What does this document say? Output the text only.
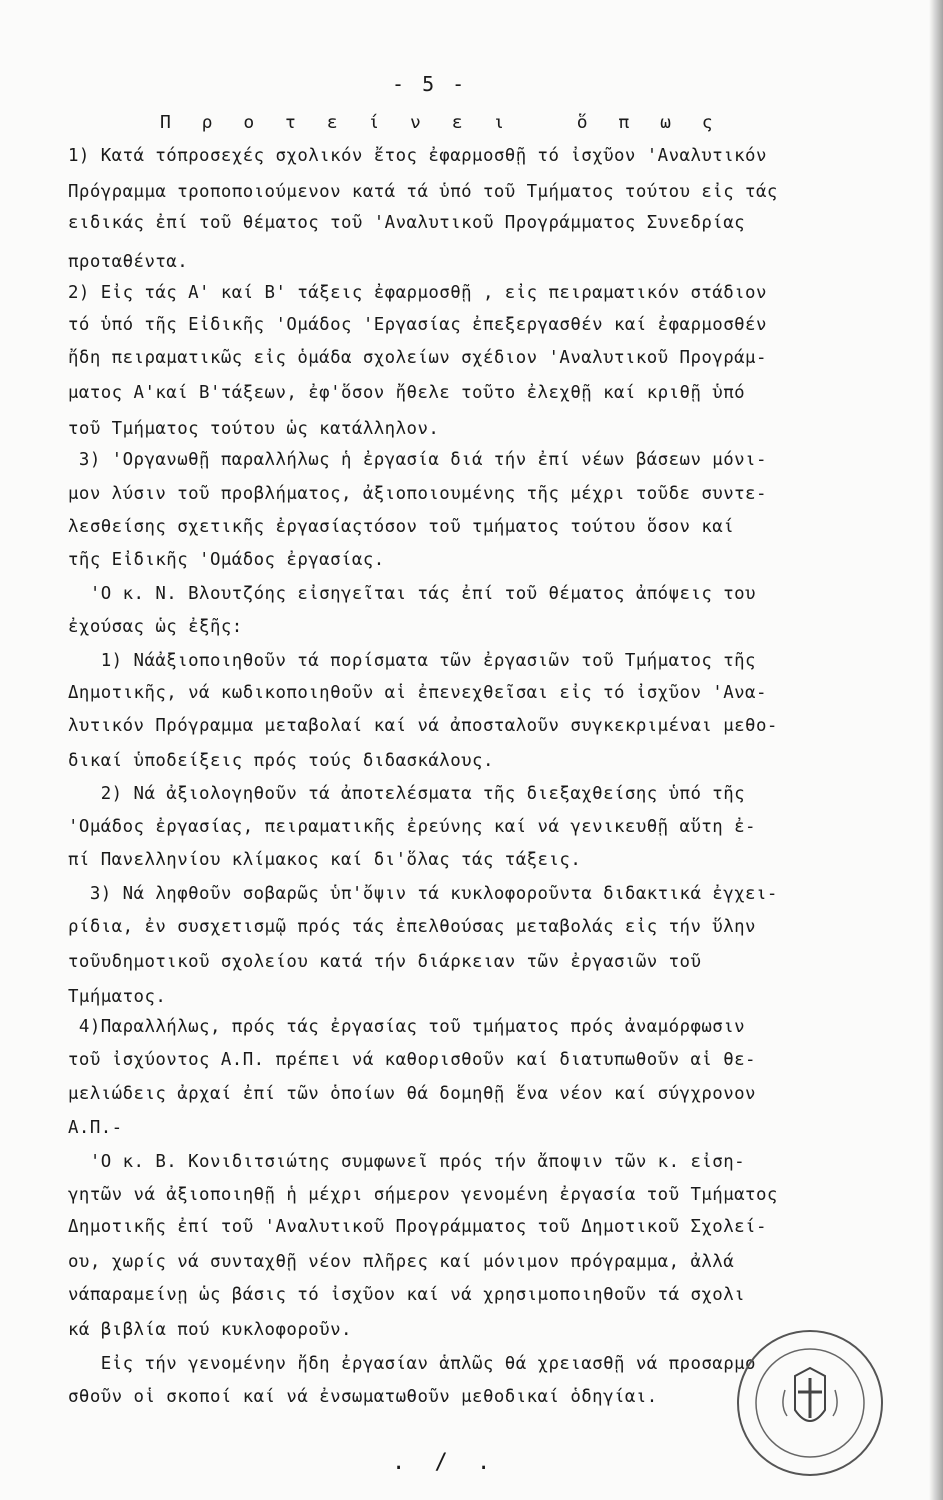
- 5 -
Π ρ ο τ ε ί ν ε ι   ὅ π ω ς
1) Κατά τόπροσεχές σχολικόν ἔτος ἐφαρμοσθῇ τό ἰσχῦον 'Αναλυτικόν
Πρόγραμμα τροποποιούμενον κατά τά ὑπό τοῦ Τμήματος τούτου εἰς τάς
ειδικάς ἐπί τοῦ θέματος τοῦ 'Αναλυτικοῦ Προγράμματος Συνεδρίας
προταθέντα.
2) Εἰς τάς Α' καί Β' τάξεις ἐφαρμοσθῇ , εἰς πειραματικόν στάδιον
τό ὑπό τῆς Εἰδικῆς 'Ομάδος 'Εργασίας ἐπεξεργασθέν καί ἐφαρμοσθέν
ἤδη πειραματικῶς εἰς ὁμάδα σχολείων σχέδιον 'Αναλυτικοῦ Προγράμ-
ματος Α'καί Β'τάξεων, ἐφ'ὅσον ἤθελε τοῦτο ἐλεχθῇ καί κριθῇ ὑπό
τοῦ Τμήματος τούτου ὡς κατάλληλον.
3) 'Οργανωθῇ παραλλήλως ἡ ἐργασία διά τήν ἐπί νέων βάσεων μόνι-
μον λύσιν τοῦ προβλήματος, ἀξιοποιουμένης τῆς μέχρι τοῦδε συντε-
λεσθείσης σχετικῆς ἐργασίαςτόσον τοῦ τμήματος τούτου ὅσον καί
τῆς Εἰδικῆς 'Ομάδος ἐργασίας.
'Ο κ. Ν. Βλουτζόης εἰσηγεῖται τάς ἐπί τοῦ θέματος ἀπόψεις του
ἐχούσας ὡς ἐξῆς:
1) Νάἀξιοποιηθοῦν τά πορίσματα τῶν ἐργασιῶν τοῦ Τμήματος τῆς
Δημοτικῆς, νά κωδικοποιηθοῦν αἱ ἐπενεχθεῖσαι εἰς τό ἰσχῦον 'Ανα-
λυτικόν Πρόγραμμα μεταβολαί καί νά ἀποσταλοῦν συγκεκριμέναι μεθο-
δικαί ὑποδείξεις πρός τούς διδασκάλους.
2) Νά ἀξιολογηθοῦν τά ἀποτελέσματα τῆς διεξαχθείσης ὑπό τῆς
'Ομάδος ἐργασίας, πειραματικῆς ἐρεύνης καί νά γενικευθῇ αὕτη ἐ-
πί Πανελληνίου κλίμακος καί δι'ὅλας τάς τάξεις.
3) Νά ληφθοῦν σοβαρῶς ὑπ'ὄψιν τά κυκλοφοροῦντα διδακτικά ἐγχει-
ρίδια, ἐν συσχετισμῷ πρός τάς ἐπελθούσας μεταβολάς εἰς τήν ὕλην
τοῦυδημοτικοῦ σχολείου κατά τήν διάρκειαν τῶν ἐργασιῶν τοῦ
Τμήματος.
4)Παραλλήλως, πρός τάς ἐργασίας τοῦ τμήματος πρός ἀναμόρφωσιν
τοῦ ἰσχύοντος Α.Π. πρέπει νά καθορισθοῦν καί διατυπωθοῦν αἱ θε-
μελιώδεις ἀρχαί ἐπί τῶν ὁποίων θά δομηθῇ ἕνα νέον καί σύγχρονον
Α.Π.-
'Ο κ. Β. Κονιδιτσιώτης συμφωνεῖ πρός τήν ἄποψιν τῶν κ. εἰση-
γητῶν νά ἀξιοποιηθῇ ἡ μέχρι σήμερον γενομένη ἐργασία τοῦ Τμήματος
Δημοτικῆς ἐπί τοῦ 'Αναλυτικοῦ Προγράμματος τοῦ Δημοτικοῦ Σχολεί-
ου, χωρίς νά συνταχθῇ νέον πλῆρες καί μόνιμον πρόγραμμα, ἀλλά
νάπαραμείνῃ ὡς βάσις τό ἰσχῦον καί νά χρησιμοποιηθοῦν τά σχολι
κά βιβλία πού κυκλοφοροῦν.
Εἰς τήν γενομένην ἤδη ἐργασίαν ἁπλῶς θά χρειασθῇ νά προσαρμο
σθοῦν οἱ σκοποί καί νά ἐνσωματωθοῦν μεθοδικαί ὁδηγίαι.
. / .
